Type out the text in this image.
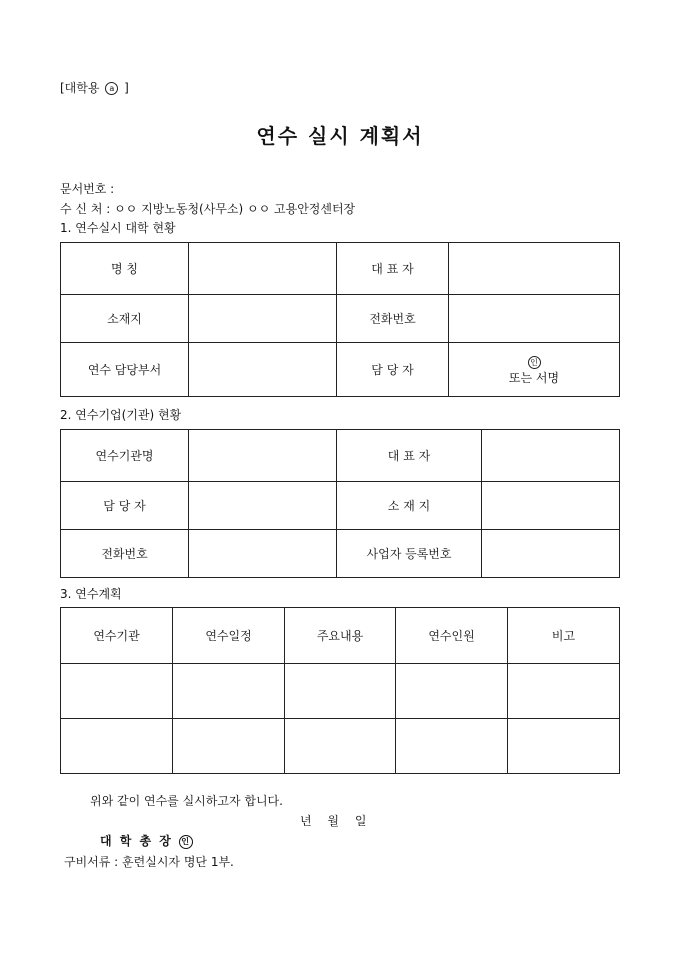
[대학용 a ]
연수 실시 계획서
문서번호 :
수 신 처 : ㅇㅇ 지방노동청(사무소) ㅇㅇ 고용안정센터장
1. 연수실시 대학 현황
명 칭		대 표 자	
소재지		전화번호	
연수 담당부서		담 당 자	인
또는 서명
2. 연수기업(기관) 현황
연수기관명		대 표 자	
담 당 자		소 재 지	
전화번호		사업자 등록번호	
3. 연수계획
연수기관	연수일정	주요내용	연수인원	비고

위와 같이 연수를 실시하고자 합니다.
년 월 일
대 학 총 장 인
구비서류 : 훈련실시자 명단 1부.
